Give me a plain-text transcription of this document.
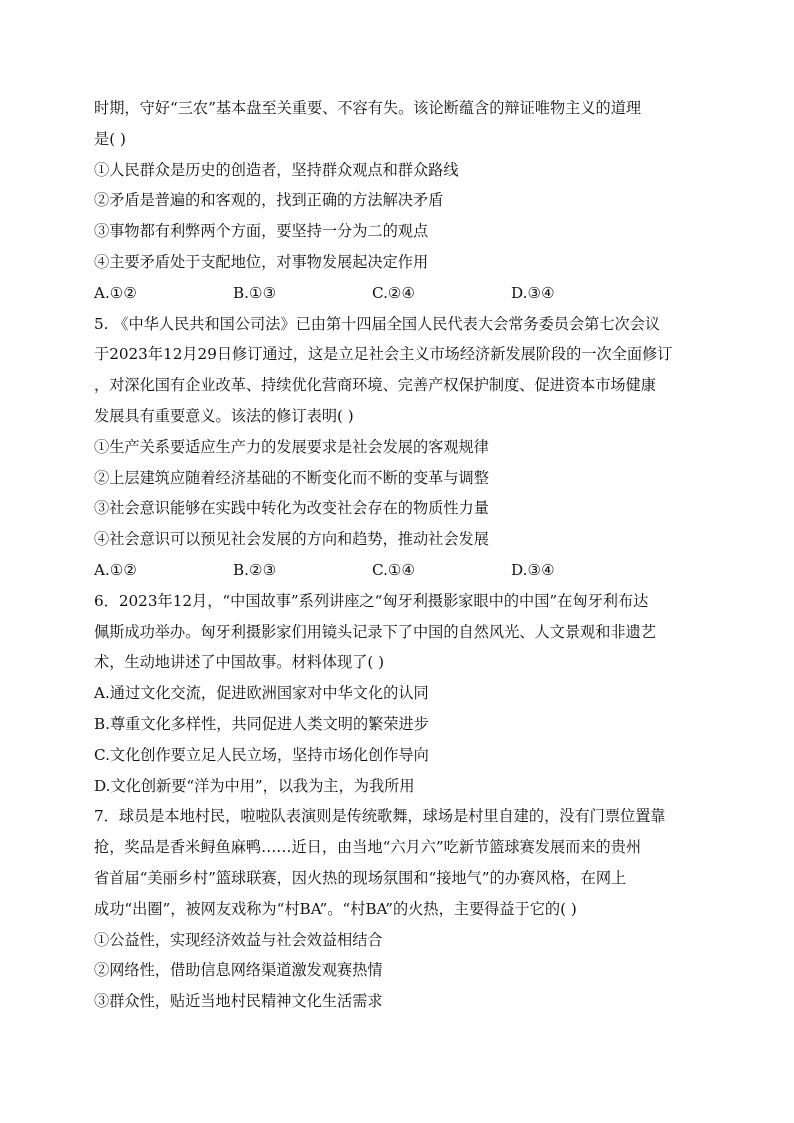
时期，守好“三农”基本盘至关重要、不容有失。该论断蕴含的辩证唯物主义的道理
是( )
①人民群众是历史的创造者，坚持群众观点和群众路线
②矛盾是普遍的和客观的，找到正确的方法解决矛盾
③事物都有利弊两个方面，要坚持一分为二的观点
④主要矛盾处于支配地位，对事物发展起决定作用
A.①②	B.①③	C.②④	D.③④
5. 《中华人民共和国公司法》已由第十四届全国人民代表大会常务委员会第七次会议
于2023年12月29日修订通过，这是立足社会主义市场经济新发展阶段的一次全面修订
，对深化国有企业改革、持续优化营商环境、完善产权保护制度、促进资本市场健康
发展具有重要意义。该法的修订表明( )
①生产关系要适应生产力的发展要求是社会发展的客观规律
②上层建筑应随着经济基础的不断变化而不断的变革与调整
③社会意识能够在实践中转化为改变社会存在的物质性力量
④社会意识可以预见社会发展的方向和趋势，推动社会发展
A.①②	B.②③	C.①④	D.③④
6．2023年12月，“中国故事”系列讲座之“匈牙利摄影家眼中的中国”在匈牙利布达
佩斯成功举办。匈牙利摄影家们用镜头记录下了中国的自然风光、人文景观和非遗艺
术，生动地讲述了中国故事。材料体现了( )
A.通过文化交流，促进欧洲国家对中华文化的认同
B.尊重文化多样性，共同促进人类文明的繁荣进步
C.文化创作要立足人民立场，坚持市场化创作导向
D.文化创新要“洋为中用”，以我为主，为我所用
7．球员是本地村民，啦啦队表演则是传统歌舞，球场是村里自建的，没有门票位置靠
抢，奖品是香米鲟鱼麻鸭……近日，由当地“六月六”吃新节篮球赛发展而来的贵州
省首届“美丽乡村”篮球联赛，因火热的现场氛围和“接地气”的办赛风格，在网上
成功“出圈”，被网友戏称为“村BA”。“村BA”的火热，主要得益于它的( )
①公益性，实现经济效益与社会效益相结合
②网络性，借助信息网络渠道激发观赛热情
③群众性，贴近当地村民精神文化生活需求
